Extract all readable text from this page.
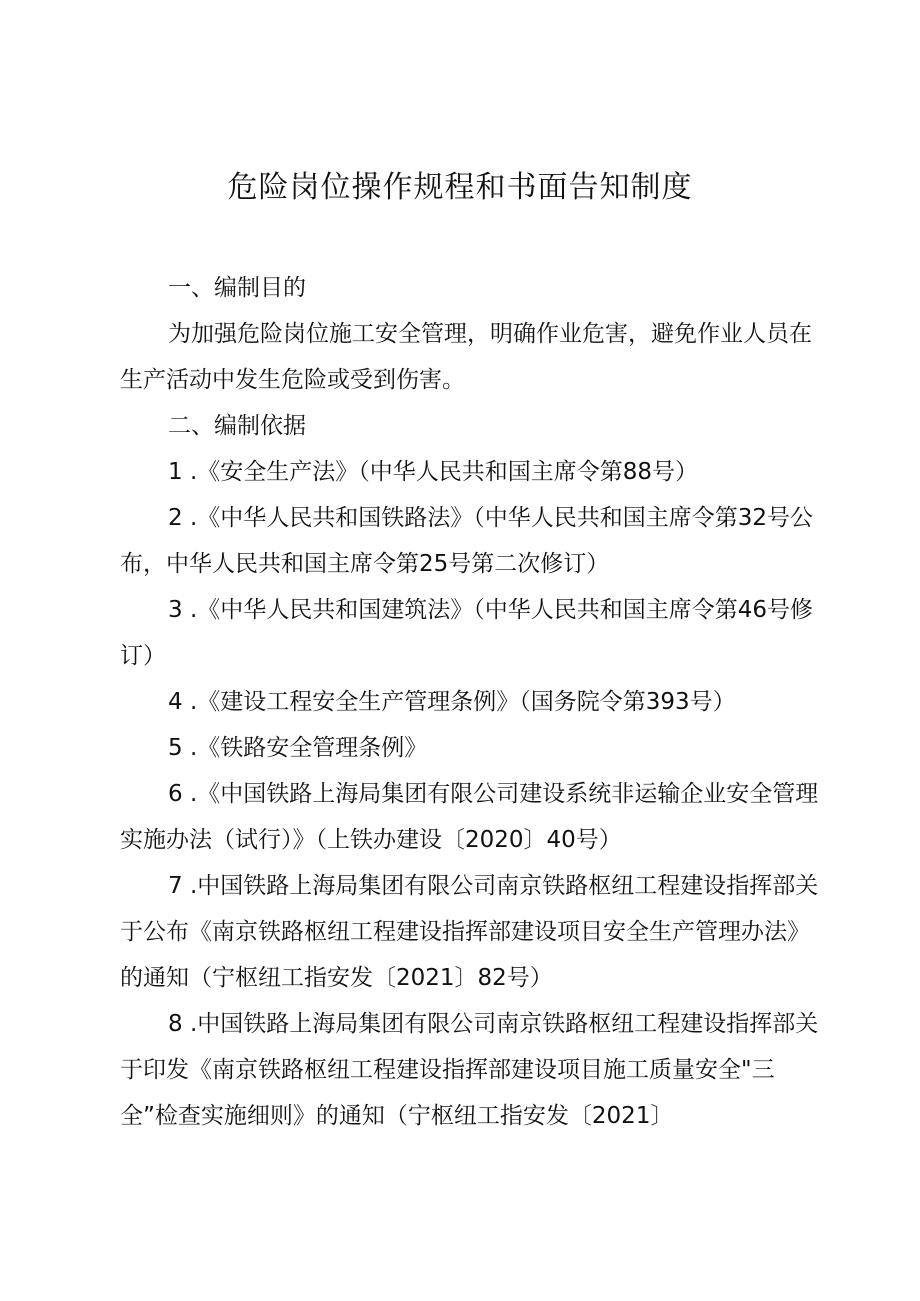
危险岗位操作规程和书面告知制度
一、编制目的
为加强危险岗位施工安全管理，明确作业危害，避免作业人员在生产活动中发生危险或受到伤害。
二、编制依据
1 .《安全生产法》（中华人民共和国主席令第88号）
2 .《中华人民共和国铁路法》（中华人民共和国主席令第32号公布，中华人民共和国主席令第25号第二次修订）
3 .《中华人民共和国建筑法》（中华人民共和国主席令第46号修订）
4 .《建设工程安全生产管理条例》（国务院令第393号）
5 .《铁路安全管理条例》
6 .《中国铁路上海局集团有限公司建设系统非运输企业安全管理实施办法（试行）》（上铁办建设〔2020〕40号）
7 .中国铁路上海局集团有限公司南京铁路枢纽工程建设指挥部关于公布《南京铁路枢纽工程建设指挥部建设项目安全生产管理办法》的通知（宁枢纽工指安发〔2021〕82号）
8 .中国铁路上海局集团有限公司南京铁路枢纽工程建设指挥部关于印发《南京铁路枢纽工程建设指挥部建设项目施工质量安全"三全”检查实施细则》的通知（宁枢纽工指安发〔2021〕
